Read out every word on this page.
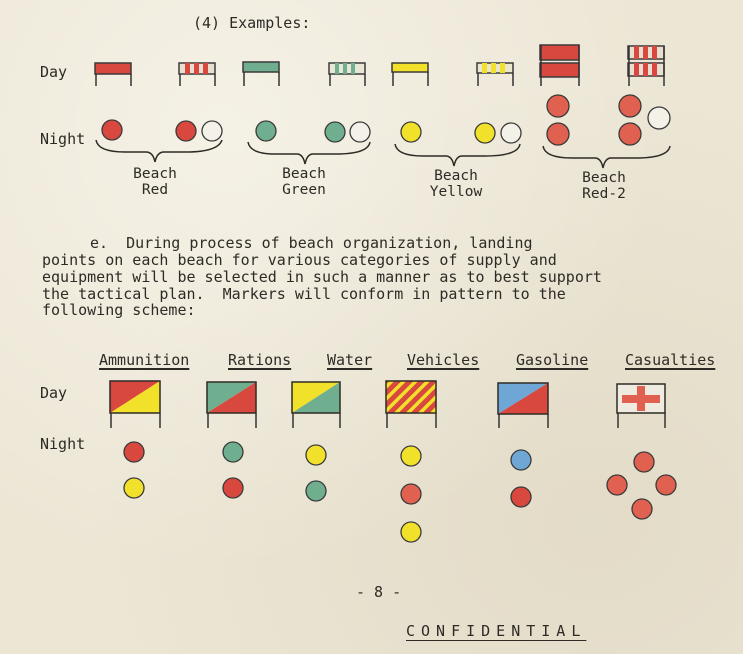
(4) Examples:
Day
Night
Beach
Red
Beach
Green
Beach
Yellow
Beach
Red-2
e.  During process of beach organization, landing
points on each beach for various categories of supply and
equipment will be selected in such a manner as to best support
the tactical plan.  Markers will conform in pattern to the
following scheme:
Ammunition	Rations Water Vehicles Gasoline Casualties
Day
Night
- 8 -
CONFIDENTIAL
